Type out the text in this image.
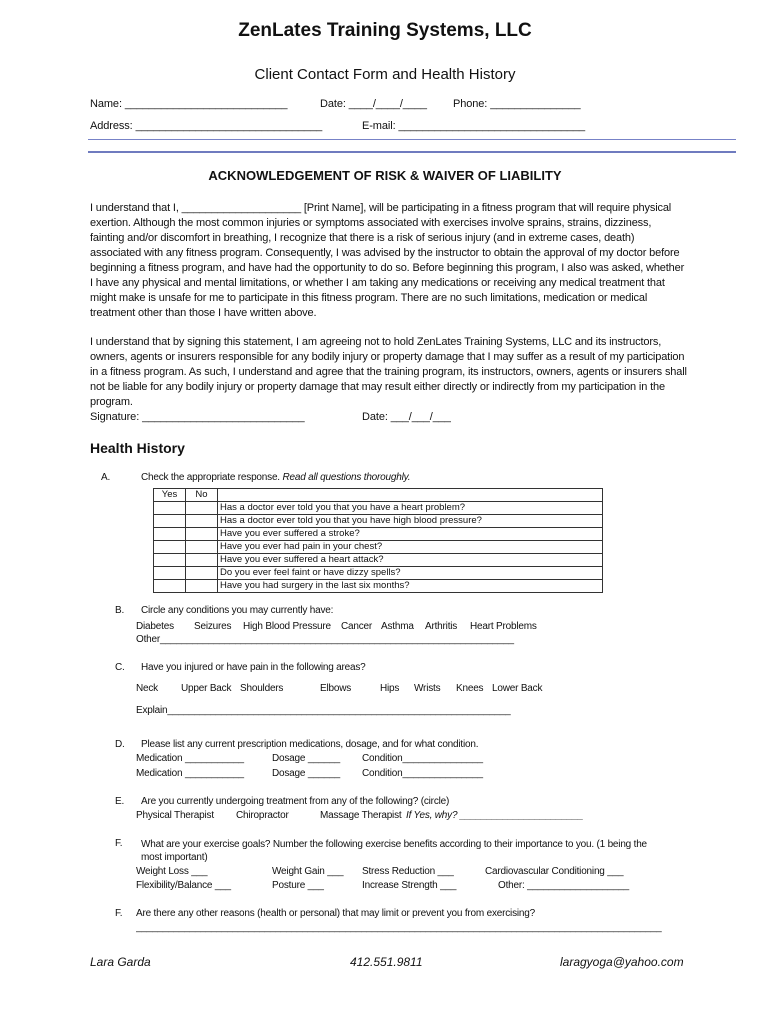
ZenLates Training Systems, LLC
Client Contact Form and Health History
Name: ___________________________	Date: ____/____/____ Phone: _______________
Address: _______________________________	E-mail: _______________________________
ACKNOWLEDGEMENT OF RISK & WAIVER OF LIABILITY
I understand that I, ____________________ [Print Name], will be participating in a fitness program that will require physical exertion. Although the most common injuries or symptoms associated with exercises involve sprains, strains, dizziness, fainting and/or discomfort in breathing, I recognize that there is a risk of serious injury (and in extreme cases, death) associated with any fitness program. Consequently, I was advised by the instructor to obtain the approval of my doctor before beginning a fitness program, and have had the opportunity to do so. Before beginning this program, I also was asked, whether I have any physical and mental limitations, or whether I am taking any medications or receiving any medical treatment that might make is unsafe for me to participate in this fitness program. There are no such limitations, medication or medical treatment other than those I have written above.
I understand that by signing this statement, I am agreeing not to hold ZenLates Training Systems, LLC and its instructors, owners, agents or insurers responsible for any bodily injury or property damage that I may suffer as a result of my participation in a fitness program. As such, I understand and agree that the training program, its instructors, owners, agents or insurers shall not be liable for any bodily injury or property damage that may result either directly or indirectly from my participation in the program.
Signature: ___________________________	Date: ___/___/___
Health History
A.	Check the appropriate response. Read all questions thoroughly.
Yes	No	
		Has a doctor ever told you that you have a heart problem?
		Has a doctor ever told you that you have high blood pressure?
		Have you ever suffered a stroke?
		Have you ever had pain in your chest?
		Have you ever suffered a heart attack?
		Do you ever feel faint or have dizzy spells?
		Have you had surgery in the last six months?
B. Circle any conditions you may currently have:
Diabetes Seizures High Blood Pressure Cancer Asthma Arthritis Heart Problems
Other__________________________________________________________________
C. Have you injured or have pain in the following areas?
Neck Upper Back Shoulders	Elbows	Hips Wrists Knees Lower Back
Explain________________________________________________________________
D. Please list any current prescription medications, dosage, and for what condition.
Medication ___________	Dosage ______ Condition_______________
Medication ___________	Dosage ______ Condition_______________
E. Are you currently undergoing treatment from any of the following? (circle)
Physical Therapist Chiropractor	Massage Therapist If Yes, why? _______________________
F. What are your exercise goals? Number the following exercise benefits according to their importance to you. (1 being the most important)
Weight Loss ___	Weight Gain ___ Stress Reduction ___	Cardiovascular Conditioning ___
Flexibility/Balance ___	Posture ___	Increase Strength ___	Other: ___________________
F. Are there any other reasons (health or personal) that may limit or prevent you from exercising?
__________________________________________________________________________________________________
Lara Garda	412.551.9811	laragyoga@yahoo.com
